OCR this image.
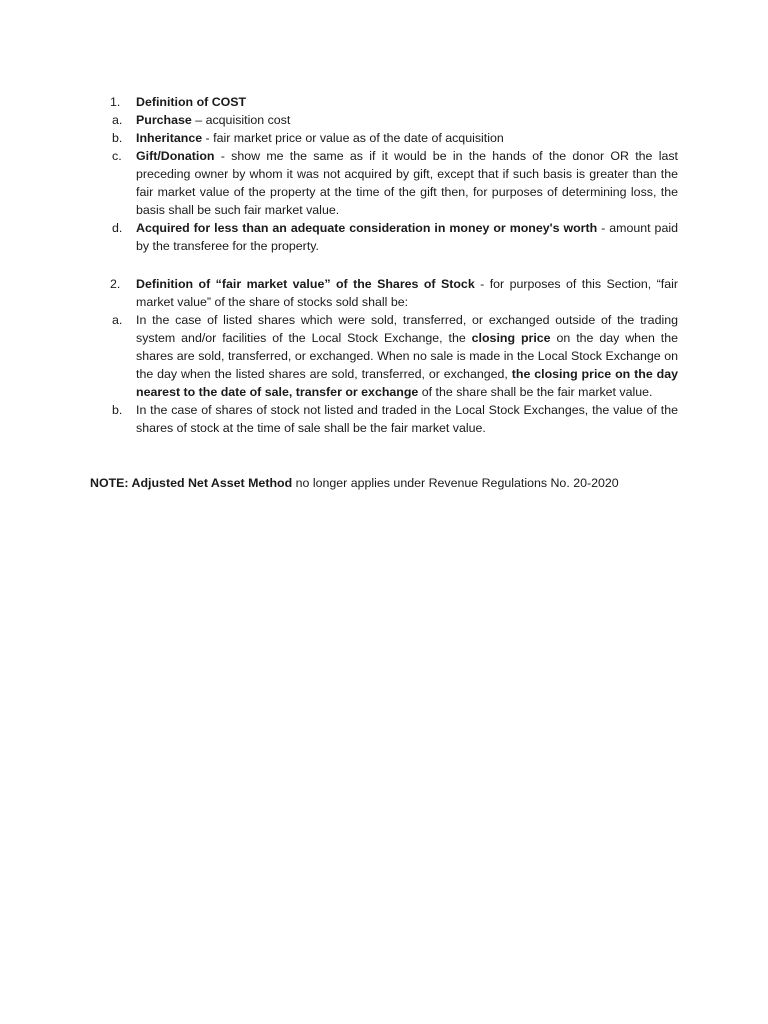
1. Definition of COST
a. Purchase – acquisition cost
b. Inheritance - fair market price or value as of the date of acquisition
c. Gift/Donation - show me the same as if it would be in the hands of the donor OR the last preceding owner by whom it was not acquired by gift, except that if such basis is greater than the fair market value of the property at the time of the gift then, for purposes of determining loss, the basis shall be such fair market value.
d. Acquired for less than an adequate consideration in money or money's worth - amount paid by the transferee for the property.
2. Definition of “fair market value” of the Shares of Stock - for purposes of this Section, “fair market value” of the share of stocks sold shall be:
a. In the case of listed shares which were sold, transferred, or exchanged outside of the trading system and/or facilities of the Local Stock Exchange, the closing price on the day when the shares are sold, transferred, or exchanged. When no sale is made in the Local Stock Exchange on the day when the listed shares are sold, transferred, or exchanged, the closing price on the day nearest to the date of sale, transfer or exchange of the share shall be the fair market value.
b. In the case of shares of stock not listed and traded in the Local Stock Exchanges, the value of the shares of stock at the time of sale shall be the fair market value.
NOTE: Adjusted Net Asset Method no longer applies under Revenue Regulations No. 20-2020
